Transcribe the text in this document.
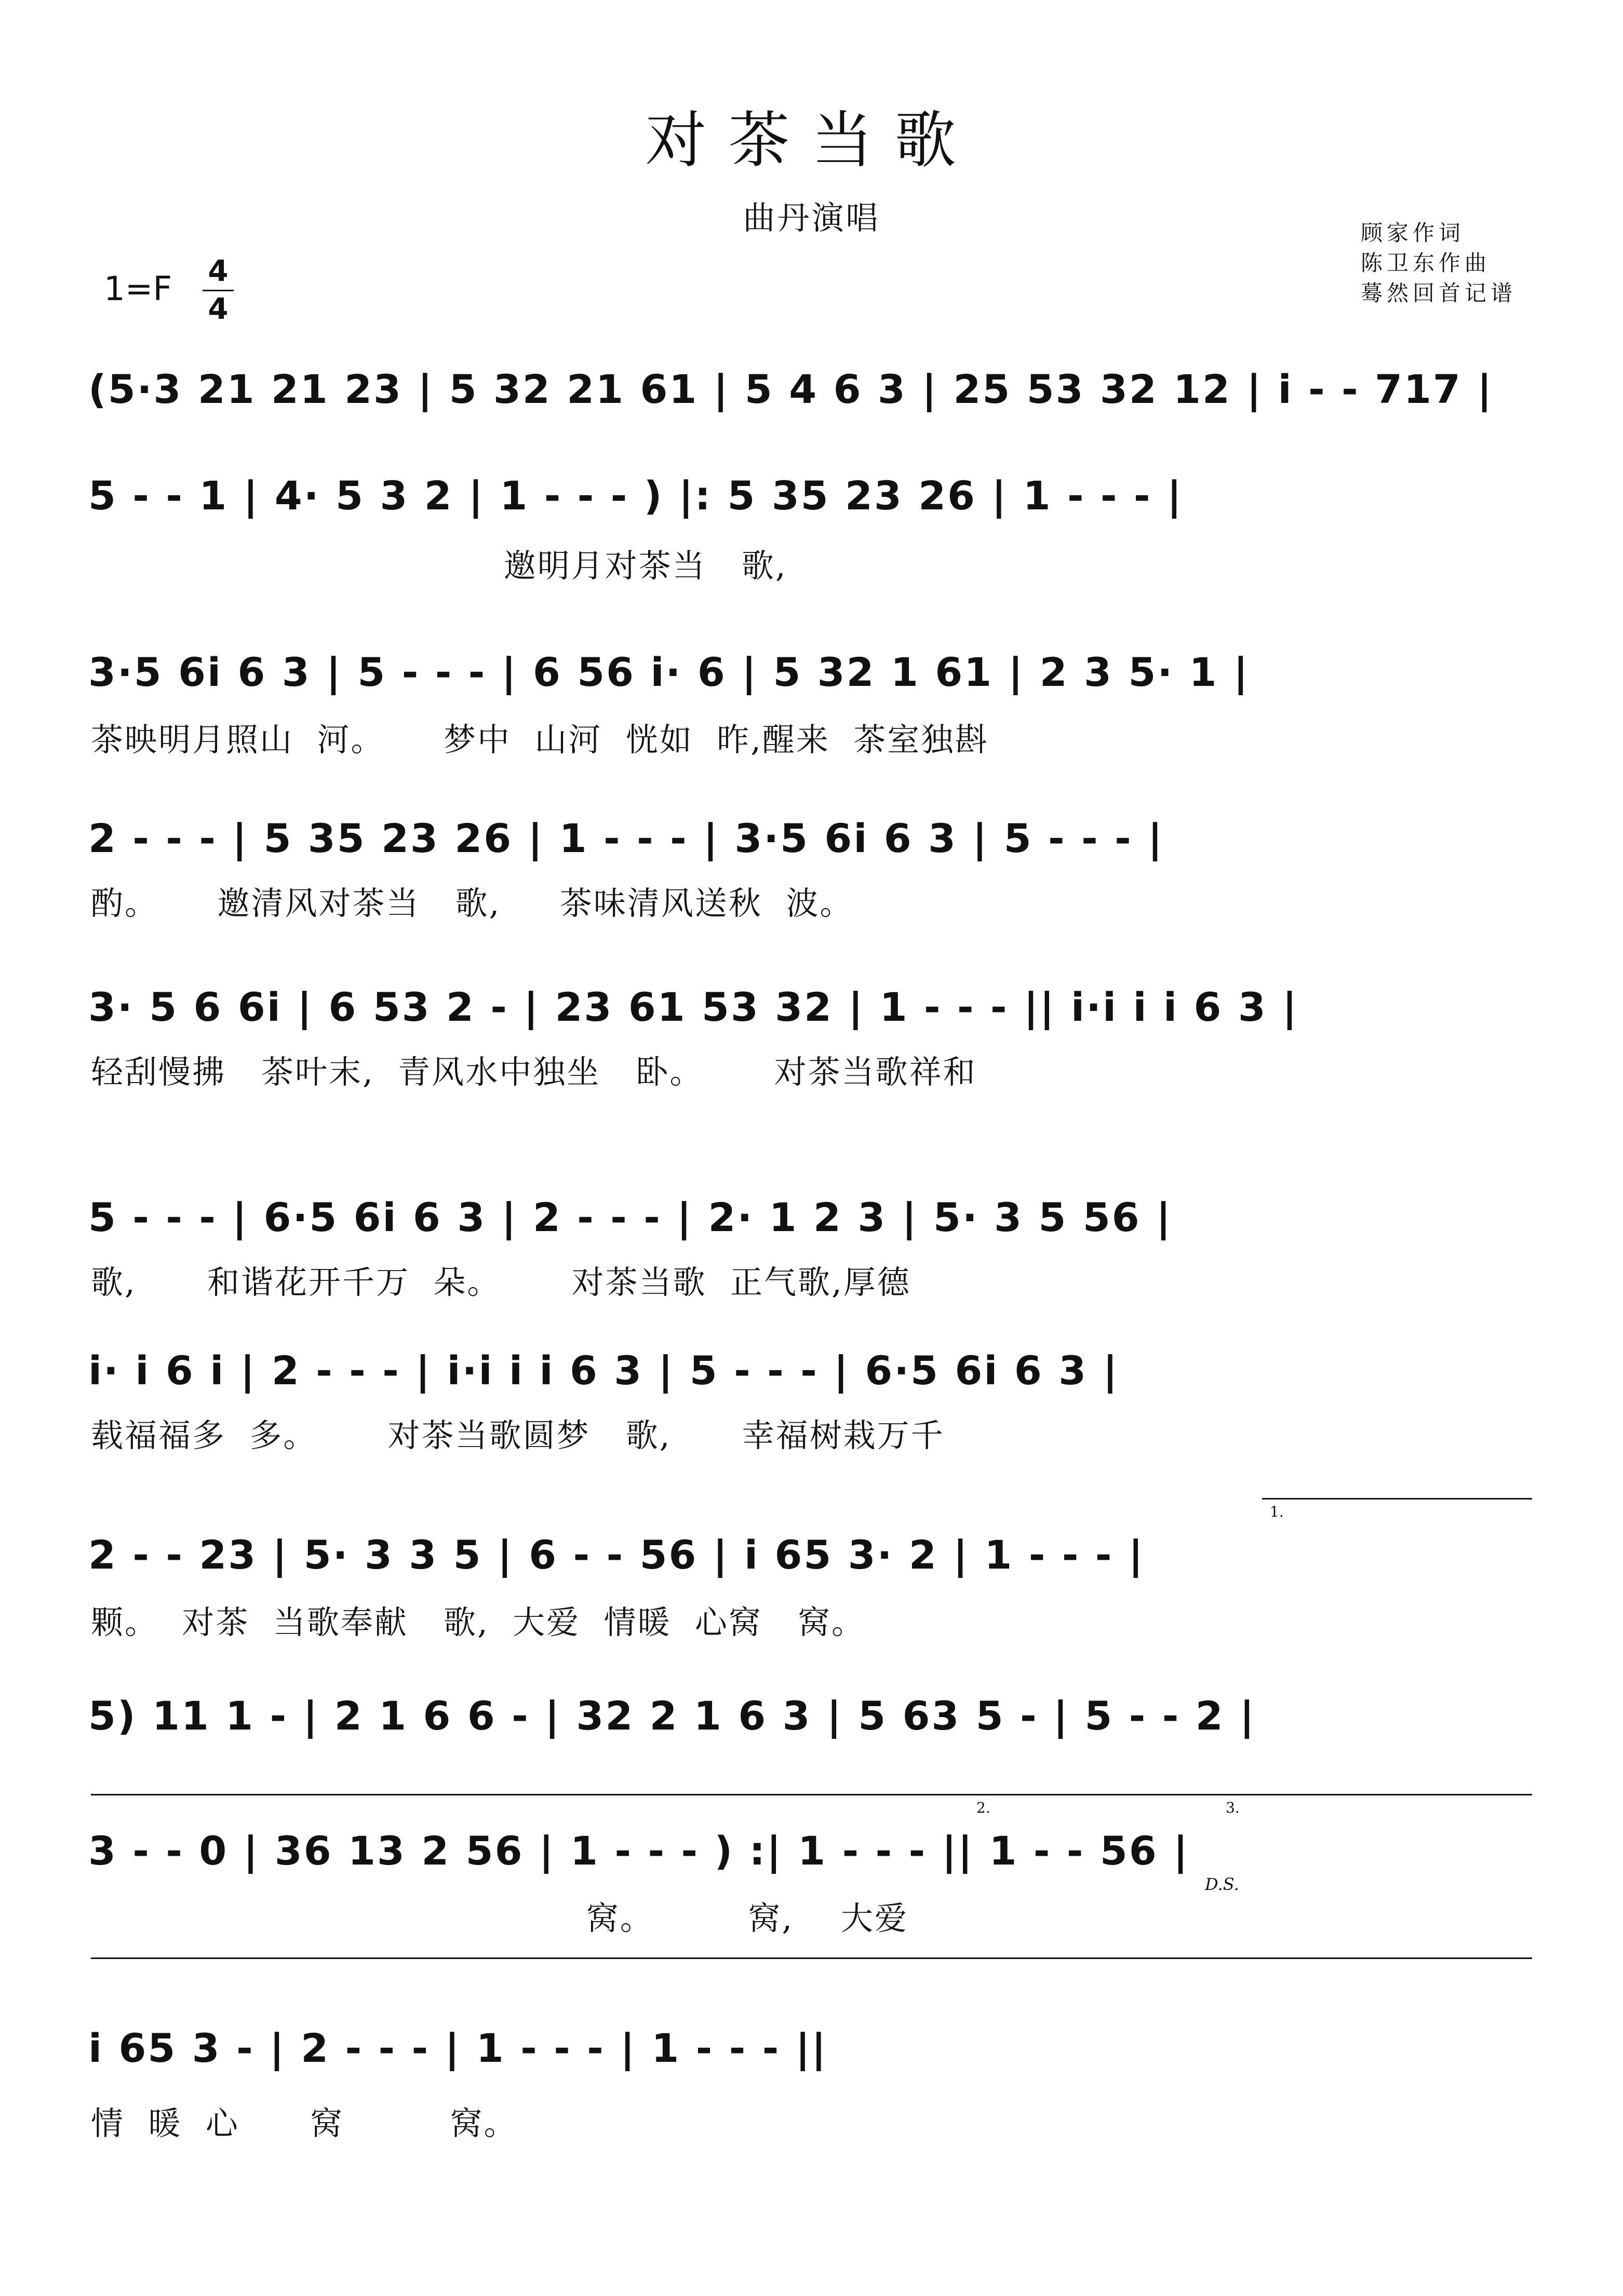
对茶当歌
曲丹演唱	顾家作词
陈卫东作曲
蓦然回首记谱
1=F 4
4
(5·3 21 21 23 | 5 32 21 61 | 5 4 6 3 | 25 53 32 12 | i - - 717 |
5 - - 1 | 4· 5 3 2 | 1 - - - ) |: 5 35 23 26 | 1 - - - |
邀明月对茶当   歌,
3·5 6i 6 3 | 5 - - - | 6 56 i· 6 | 5 32 1 61 | 2 3 5· 1 |
茶映明月照山  河。     梦中  山河  恍如  昨,醒来  茶室独斟
2 - - - | 5 35 23 26 | 1 - - - | 3·5 6i 6 3 | 5 - - - |
酌。     邀清风对茶当   歌,     茶味清风送秋  波。
3· 5 6 6i | 6 53 2 - | 23 61 53 32 | 1 - - - || i·i i i 6 3 |
轻刮慢拂   茶叶末,  青风水中独坐   卧。      对茶当歌祥和
5 - - - | 6·5 6i 6 3 | 2 - - - | 2· 1 2 3 | 5· 3 5 56 |
歌,      和谐花开千万  朵。      对茶当歌  正气歌,厚德
i· i 6 i | 2 - - - | i·i i i 6 3 | 5 - - - | 6·5 6i 6 3 |
载福福多  多。      对茶当歌圆梦   歌,      幸福树栽万千
1.
2 - - 23 | 5· 3 3 5 | 6 - - 56 | i 65 3· 2 | 1 - - - |
颗。  对茶  当歌奉献   歌,  大爱  情暖  心窝   窝。
5) 11 1 - | 2 1 6 6 - | 32 2 1 6 3 | 5 63 5 - | 5 - - 2 |
2.	3.
3 - - 0 | 36 13 2 56 | 1 - - - ) :| 1 - - - || 1 - - 56 |
D.S.
窝。        窝,    大爱
i 65 3 - | 2 - - - | 1 - - - | 1 - - - ||
情  暖  心      窝         窝。
